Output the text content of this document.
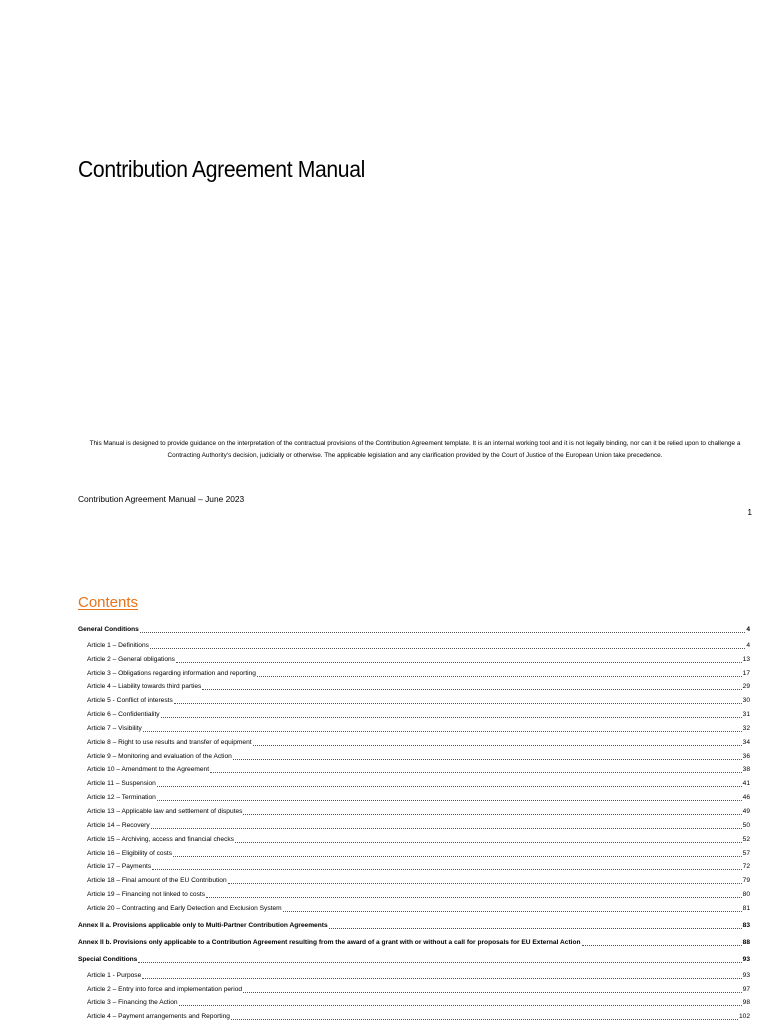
Contribution Agreement Manual
This Manual is designed to provide guidance on the interpretation of the contractual provisions of the Contribution Agreement template. It is an internal working tool and it is not legally binding, nor can it be relied upon to challenge a Contracting Authority's decision, judicially or otherwise. The applicable legislation and any clarification provided by the Court of Justice of the European Union take precedence.
Contribution Agreement Manual – June 2023
1
Contents
General Conditions	4
Article 1 – Definitions	4
Article 2 – General obligations	13
Article 3 – Obligations regarding information and reporting	17
Article 4 – Liability towards third parties	29
Article 5 - Conflict of interests	30
Article 6 – Confidentiality	31
Article 7 – Visibility	32
Article 8 – Right to use results and transfer of equipment	34
Article 9 – Monitoring and evaluation of the Action	36
Article 10 – Amendment to the Agreement	38
Article 11 – Suspension	41
Article 12 – Termination	46
Article 13 – Applicable law and settlement of disputes	49
Article 14 – Recovery	50
Article 15 – Archiving, access and financial checks	52
Article 16 – Eligibility of costs	57
Article 17 – Payments	72
Article 18 – Final amount of the EU Contribution	79
Article 19 – Financing not linked to costs	80
Article 20 – Contracting and Early Detection and Exclusion System	81
Annex II a. Provisions applicable only to Multi-Partner Contribution Agreements	83
Annex II b. Provisions only applicable to a Contribution Agreement resulting from the award of a grant with or without a call for proposals for EU External Action	88
Special Conditions	93
Article 1 - Purpose	93
Article 2 – Entry into force and implementation period	97
Article 3 – Financing the Action	98
Article 4 – Payment arrangements and Reporting	102
